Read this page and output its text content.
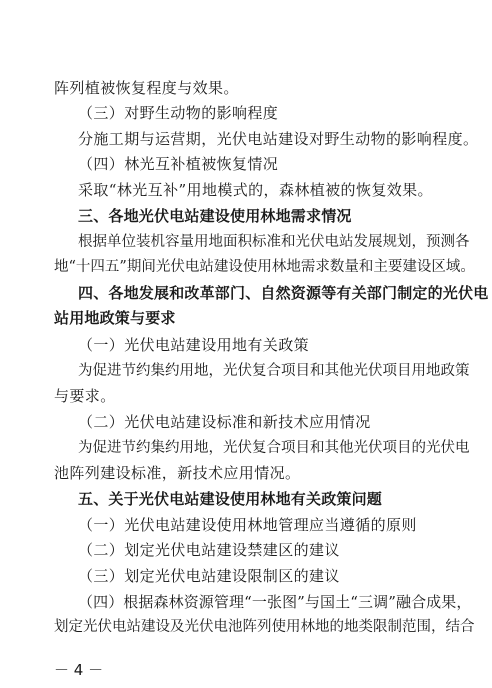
阵列植被恢复程度与效果。
（三）对野生动物的影响程度
分施工期与运营期，光伏电站建设对野生动物的影响程度。
（四）林光互补植被恢复情况
采取“林光互补”用地模式的，森林植被的恢复效果。
三、各地光伏电站建设使用林地需求情况
根据单位装机容量用地面积标准和光伏电站发展规划，预测各
地“十四五”期间光伏电站建设使用林地需求数量和主要建设区域。
四、各地发展和改革部门、自然资源等有关部门制定的光伏电
站用地政策与要求
（一）光伏电站建设用地有关政策
为促进节约集约用地，光伏复合项目和其他光伏项目用地政策
与要求。
（二）光伏电站建设标准和新技术应用情况
为促进节约集约用地，光伏复合项目和其他光伏项目的光伏电
池阵列建设标准，新技术应用情况。
五、关于光伏电站建设使用林地有关政策问题
（一）光伏电站建设使用林地管理应当遵循的原则
（二）划定光伏电站建设禁建区的建议
（三）划定光伏电站建设限制区的建议
（四）根据森林资源管理“一张图”与国土“三调”融合成果，
划定光伏电站建设及光伏电池阵列使用林地的地类限制范围，结合
－ 4 －
